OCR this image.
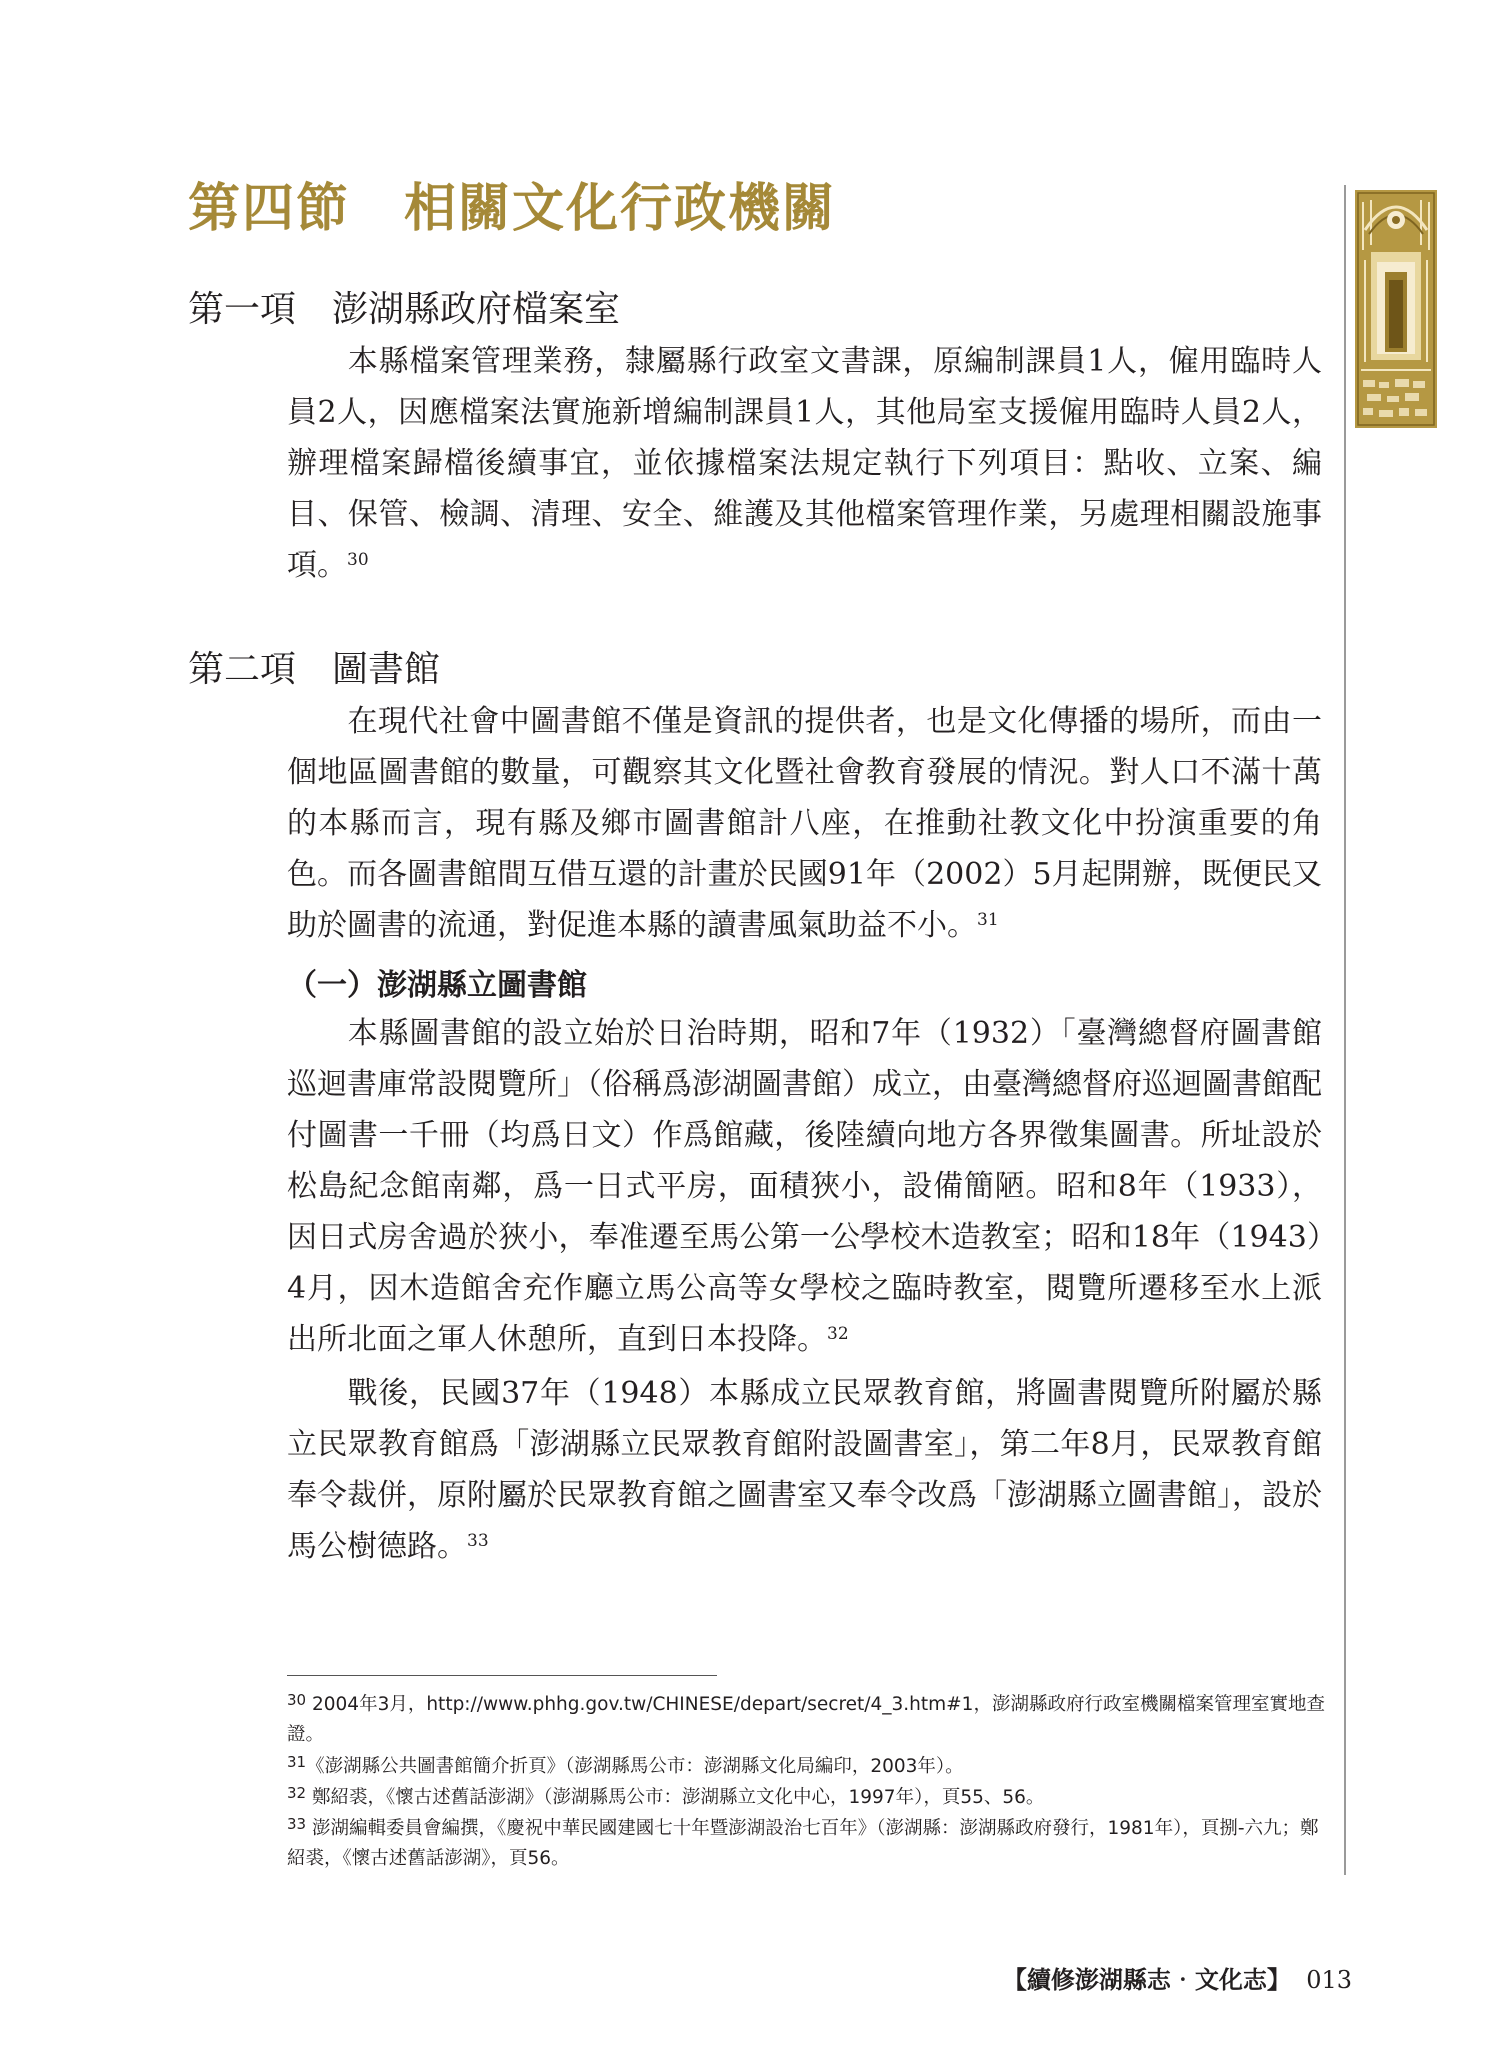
第四節　相關文化行政機關
第一項　澎湖縣政府檔案室

本縣檔案管理業務，隸屬縣行政室文書課，原編制課員1人，僱用臨時人員2人，因應檔案法實施新增編制課員1人，其他局室支援僱用臨時人員2人，辦理檔案歸檔後續事宜，並依據檔案法規定執行下列項目：點收、立案、編目、保管、檢調、清理、安全、維護及其他檔案管理作業，另處理相關設施事項。$^{30}$

第二項　圖書館

在現代社會中圖書館不僅是資訊的提供者，也是文化傳播的場所，而由一個地區圖書館的數量，可觀察其文化暨社會教育發展的情況。對人口不滿十萬的本縣而言，現有縣及鄉市圖書館計八座，在推動社教文化中扮演重要的角色。而各圖書館間互借互還的計畫於民國91年（2002）5月起開辦，既便民又助於圖書的流通，對促進本縣的讀書風氣助益不小。$^{31}$

（一）澎湖縣立圖書館

本縣圖書館的設立始於日治時期，昭和7年（1932）「臺灣總督府圖書館巡迴書庫常設閱覽所」（俗稱爲澎湖圖書館）成立，由臺灣總督府巡迴圖書館配付圖書一千冊（均爲日文）作爲館藏，後陸續向地方各界徵集圖書。所址設於松島紀念館南鄰，爲一日式平房，面積狹小，設備簡陋。昭和8年（1933），因日式房舍過於狹小，奉准遷至馬公第一公學校木造教室；昭和18年（1943）4月，因木造館舍充作廳立馬公高等女學校之臨時教室，閱覽所遷移至水上派出所北面之軍人休憩所，直到日本投降。$^{32}$

戰後，民國37年（1948）本縣成立民眾教育館，將圖書閱覽所附屬於縣立民眾教育館爲「澎湖縣立民眾教育館附設圖書室」，第二年8月，民眾教育館奉令裁併，原附屬於民眾教育館之圖書室又奉令改爲「澎湖縣立圖書館」，設於馬公樹德路。$^{33}$

$^{30}$ 2004年3月，http://www.phhg.gov.tw/CHINESE/depart/secret/4_3.htm#1，澎湖縣政府行政室機關檔案管理室實地查證。

$^{31}$《澎湖縣公共圖書館簡介折頁》（澎湖縣馬公市：澎湖縣文化局編印，2003年）。

$^{32}$ 鄭紹裘，《懷古述舊話澎湖》（澎湖縣馬公市：澎湖縣立文化中心，1997年），頁55、56。

$^{33}$ 澎湖編輯委員會編撰，《慶祝中華民國建國七十年暨澎湖設治七百年》（澎湖縣：澎湖縣政府發行，1981年），頁捌-六九；鄭紹裘，《懷古述舊話澎湖》，頁56。

【續修澎湖縣志‧文化志】 013
